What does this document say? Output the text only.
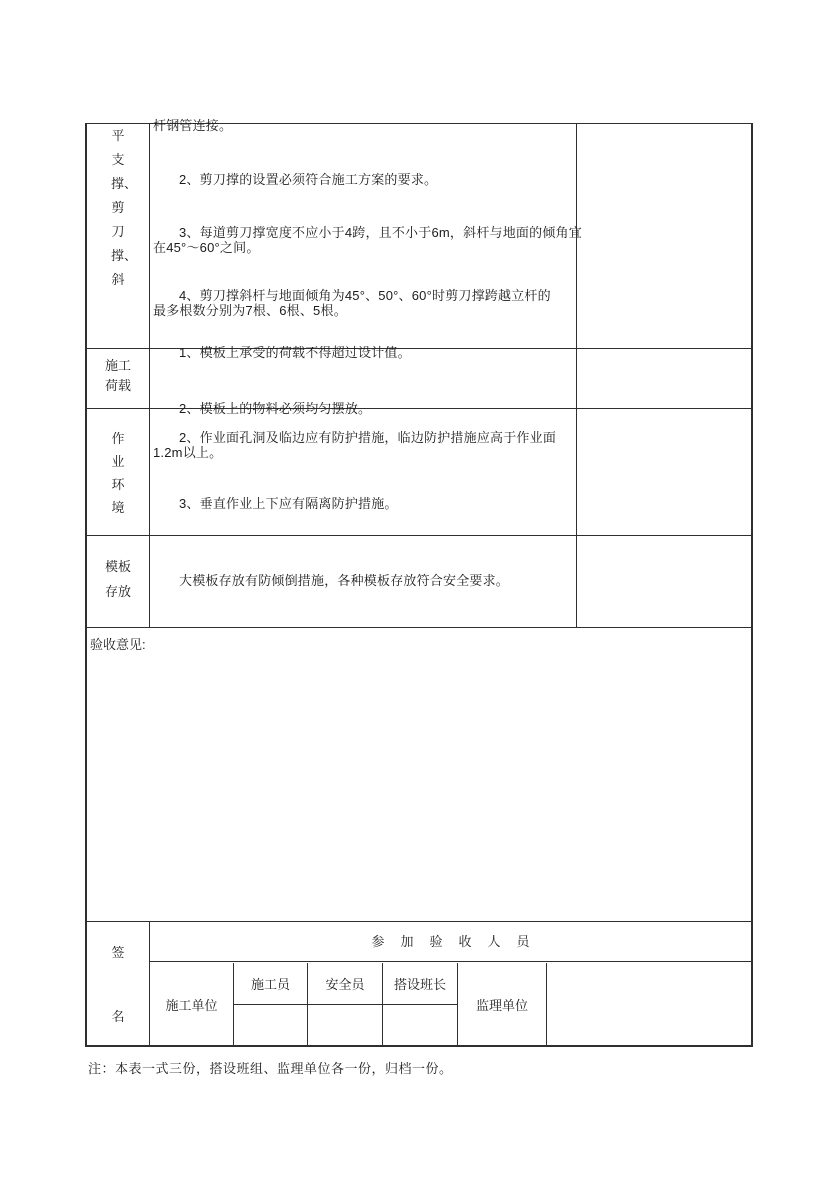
平支撑、剪刀撑、斜
杆钢管连接。
2、剪刀撑的设置必须符合施工方案的要求。
3、每道剪刀撑宽度不应小于4跨，且不小于6m，斜杆与地面的倾角宜
在45°～60°之间。
4、剪刀撑斜杆与地面倾角为45°、50°、60°时剪刀撑跨越立杆的
最多根数分别为7根、6根、5根。
施工荷载
1、模板上承受的荷载不得超过设计值。
2、模板上的物料必须均匀摆放。
作业环境
2、作业面孔洞及临边应有防护措施，临边防护措施应高于作业面
1.2m以上。
3、垂直作业上下应有隔离防护措施。
模板存放
大模板存放有防倾倒措施，各种模板存放符合安全要求。
验收意见:
签
名
参加验收人员
施工单位
施工员	安全员	搭设班长
监理单位
注：本表一式三份，搭设班组、监理单位各一份，归档一份。
